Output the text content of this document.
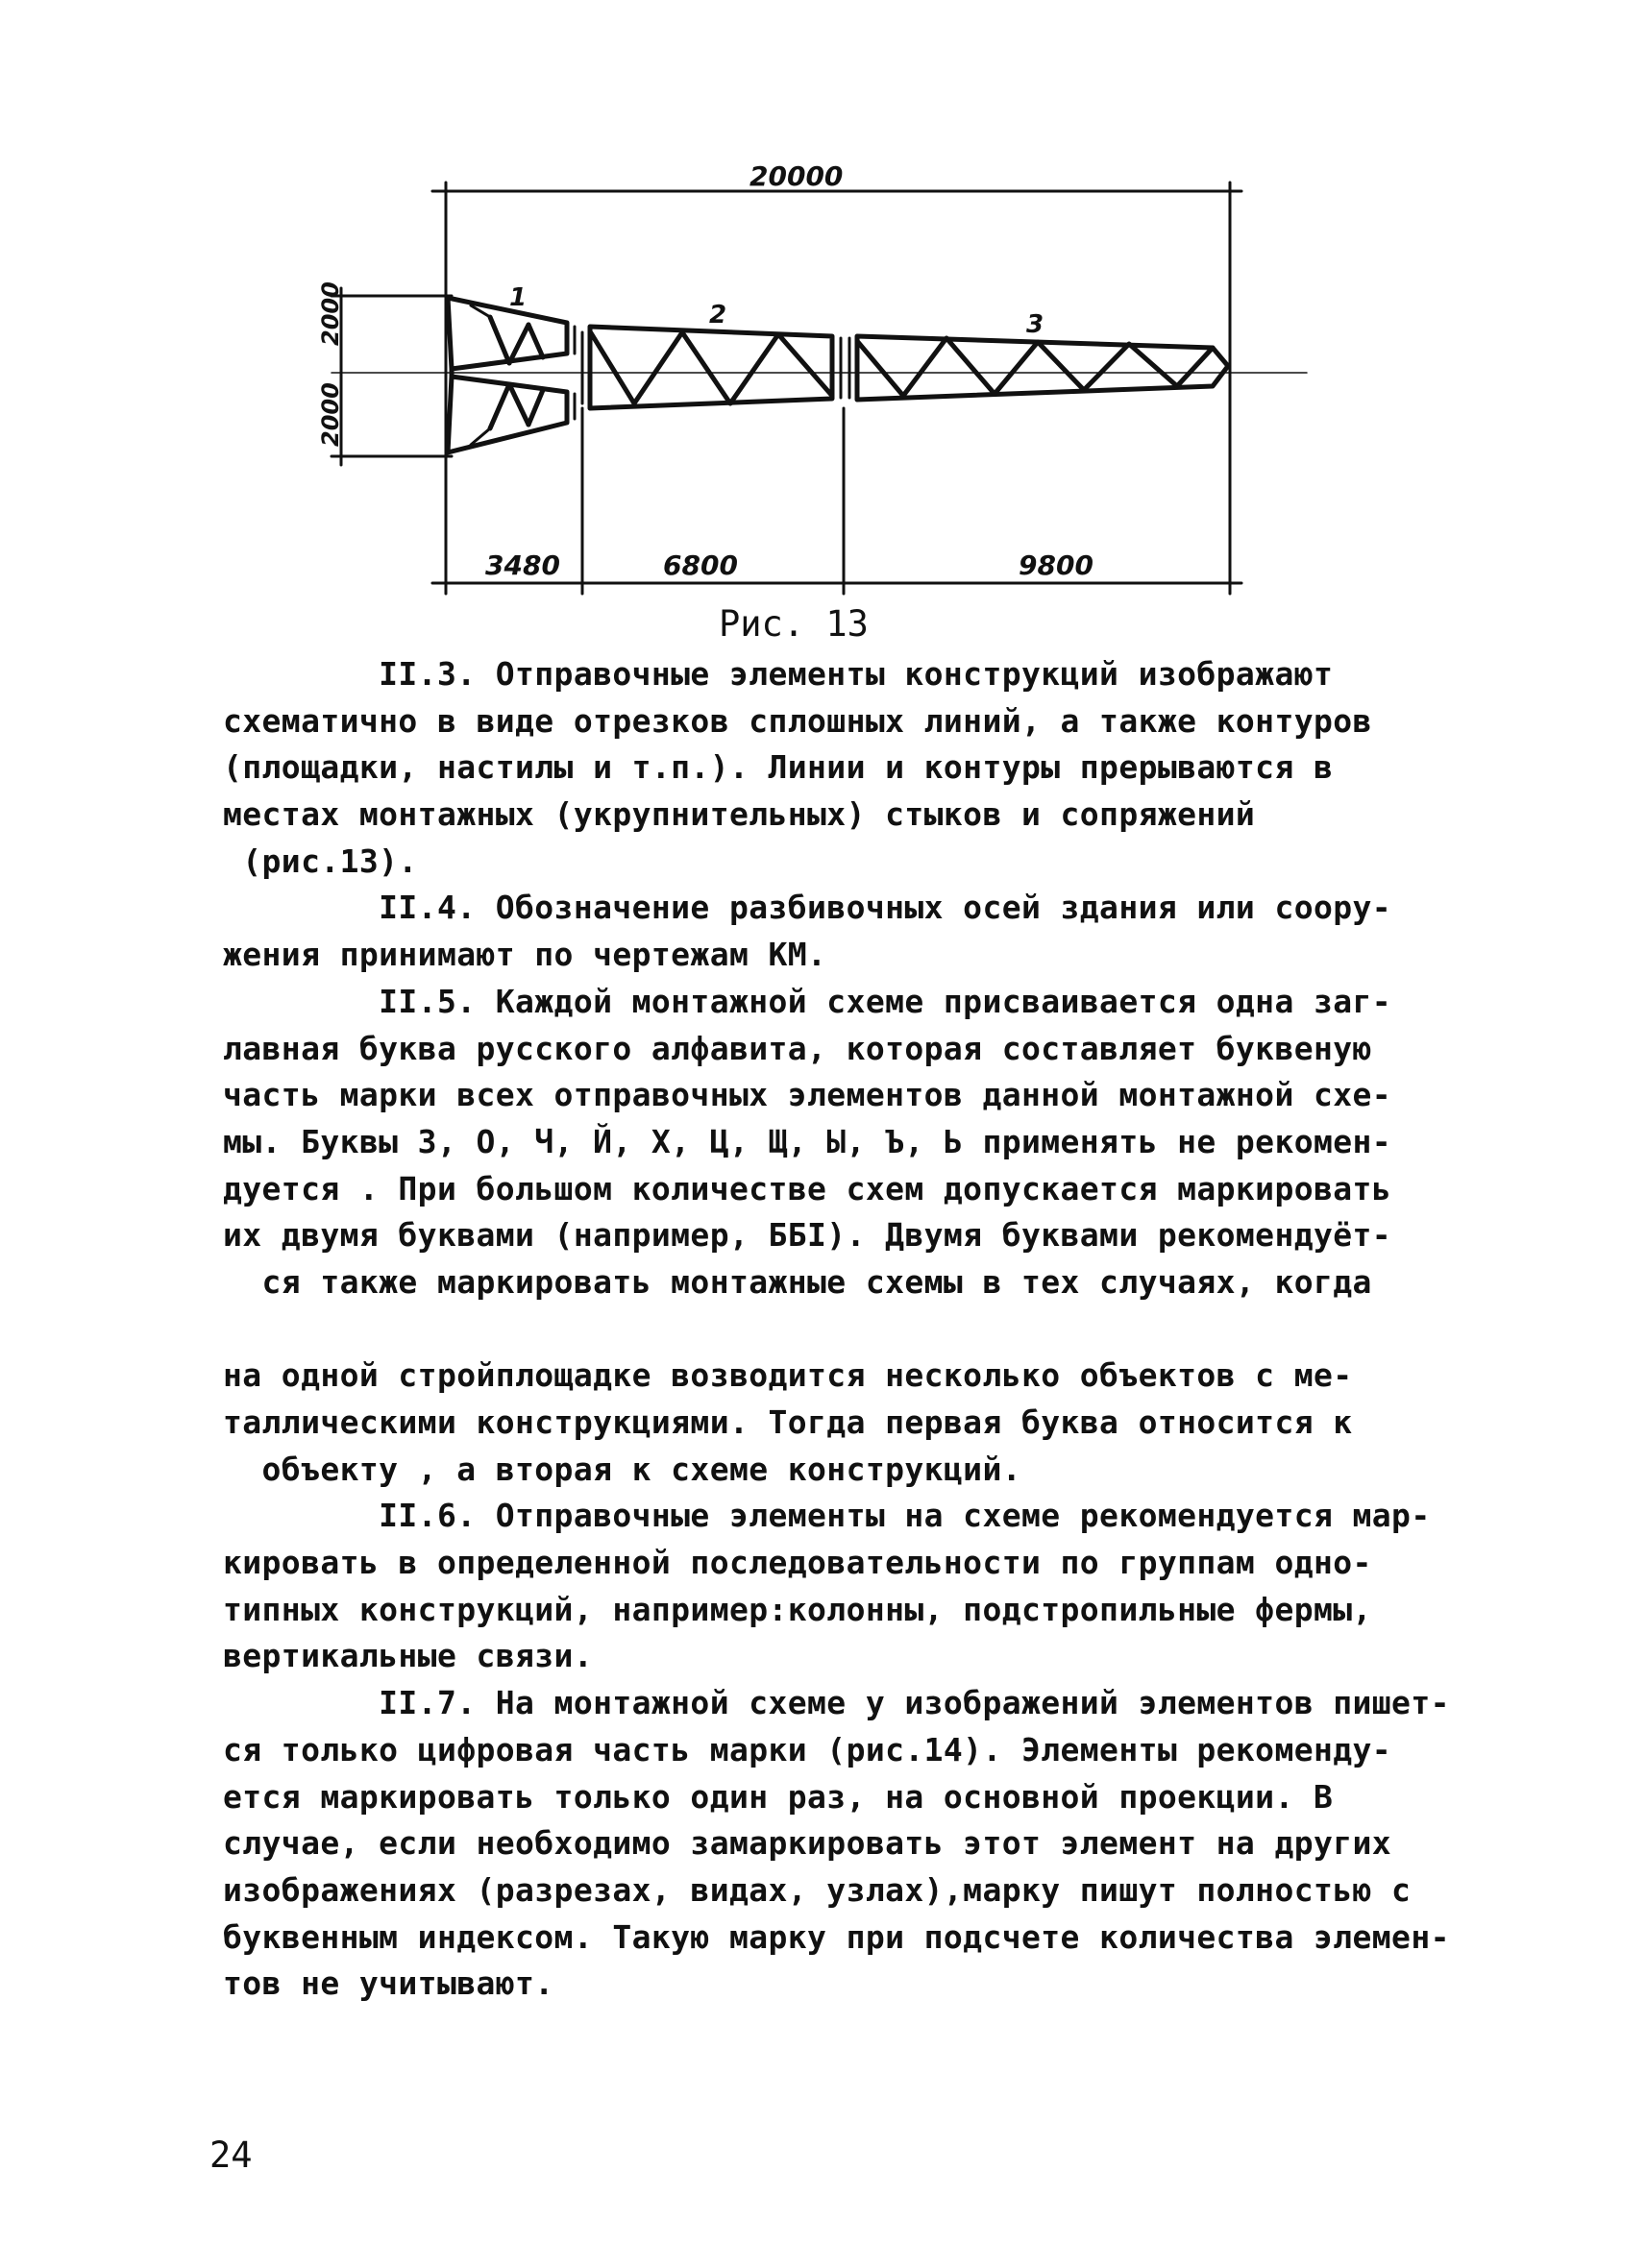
20000
2000
2000
1
2	3
3480	6800	9800
Рис. 13
II.3. Отправочные элементы конструкций изображают
схематично в виде отрезков сплошных линий, а также контуров
(площадки, настилы и т.п.). Линии и контуры прерываются в
местах монтажных (укрупнительных) стыков и сопряжений
(рис.13).
II.4. Обозначение разбивочных осей здания или соору-
жения принимают по чертежам КМ.
II.5. Каждой монтажной схеме присваивается одна заг-
лавная буква русского алфавита, которая составляет буквеную
часть марки всех отправочных элементов данной монтажной схе-
мы. Буквы З, О, Ч, Й, Х, Ц, Щ, Ы, Ъ, Ь применять не рекомен-
дуется . При большом количестве схем допускается маркировать
их двумя буквами (например, ББI). Двумя буквами рекомендуёт-
ся также маркировать монтажные схемы в тех случаях, когда
на одной стройплощадке возводится несколько объектов с ме-
таллическими конструкциями. Тогда первая буква относится к
объекту , а вторая к схеме конструкций.
II.6. Отправочные элементы на схеме рекомендуется мар-
кировать в определенной последовательности по группам одно-
типных конструкций, например:колонны, подстропильные фермы,
вертикальные связи.
II.7. На монтажной схеме у изображений элементов пишет-
ся только цифровая часть марки (рис.14). Элементы рекоменду-
ется маркировать только один раз, на основной проекции. В
случае, если необходимо замаркировать этот элемент на других
изображениях (разрезах, видах, узлах),марку пишут полностью с
буквенным индексом. Такую марку при подсчете количества элемен-
тов не учитывают.
24
